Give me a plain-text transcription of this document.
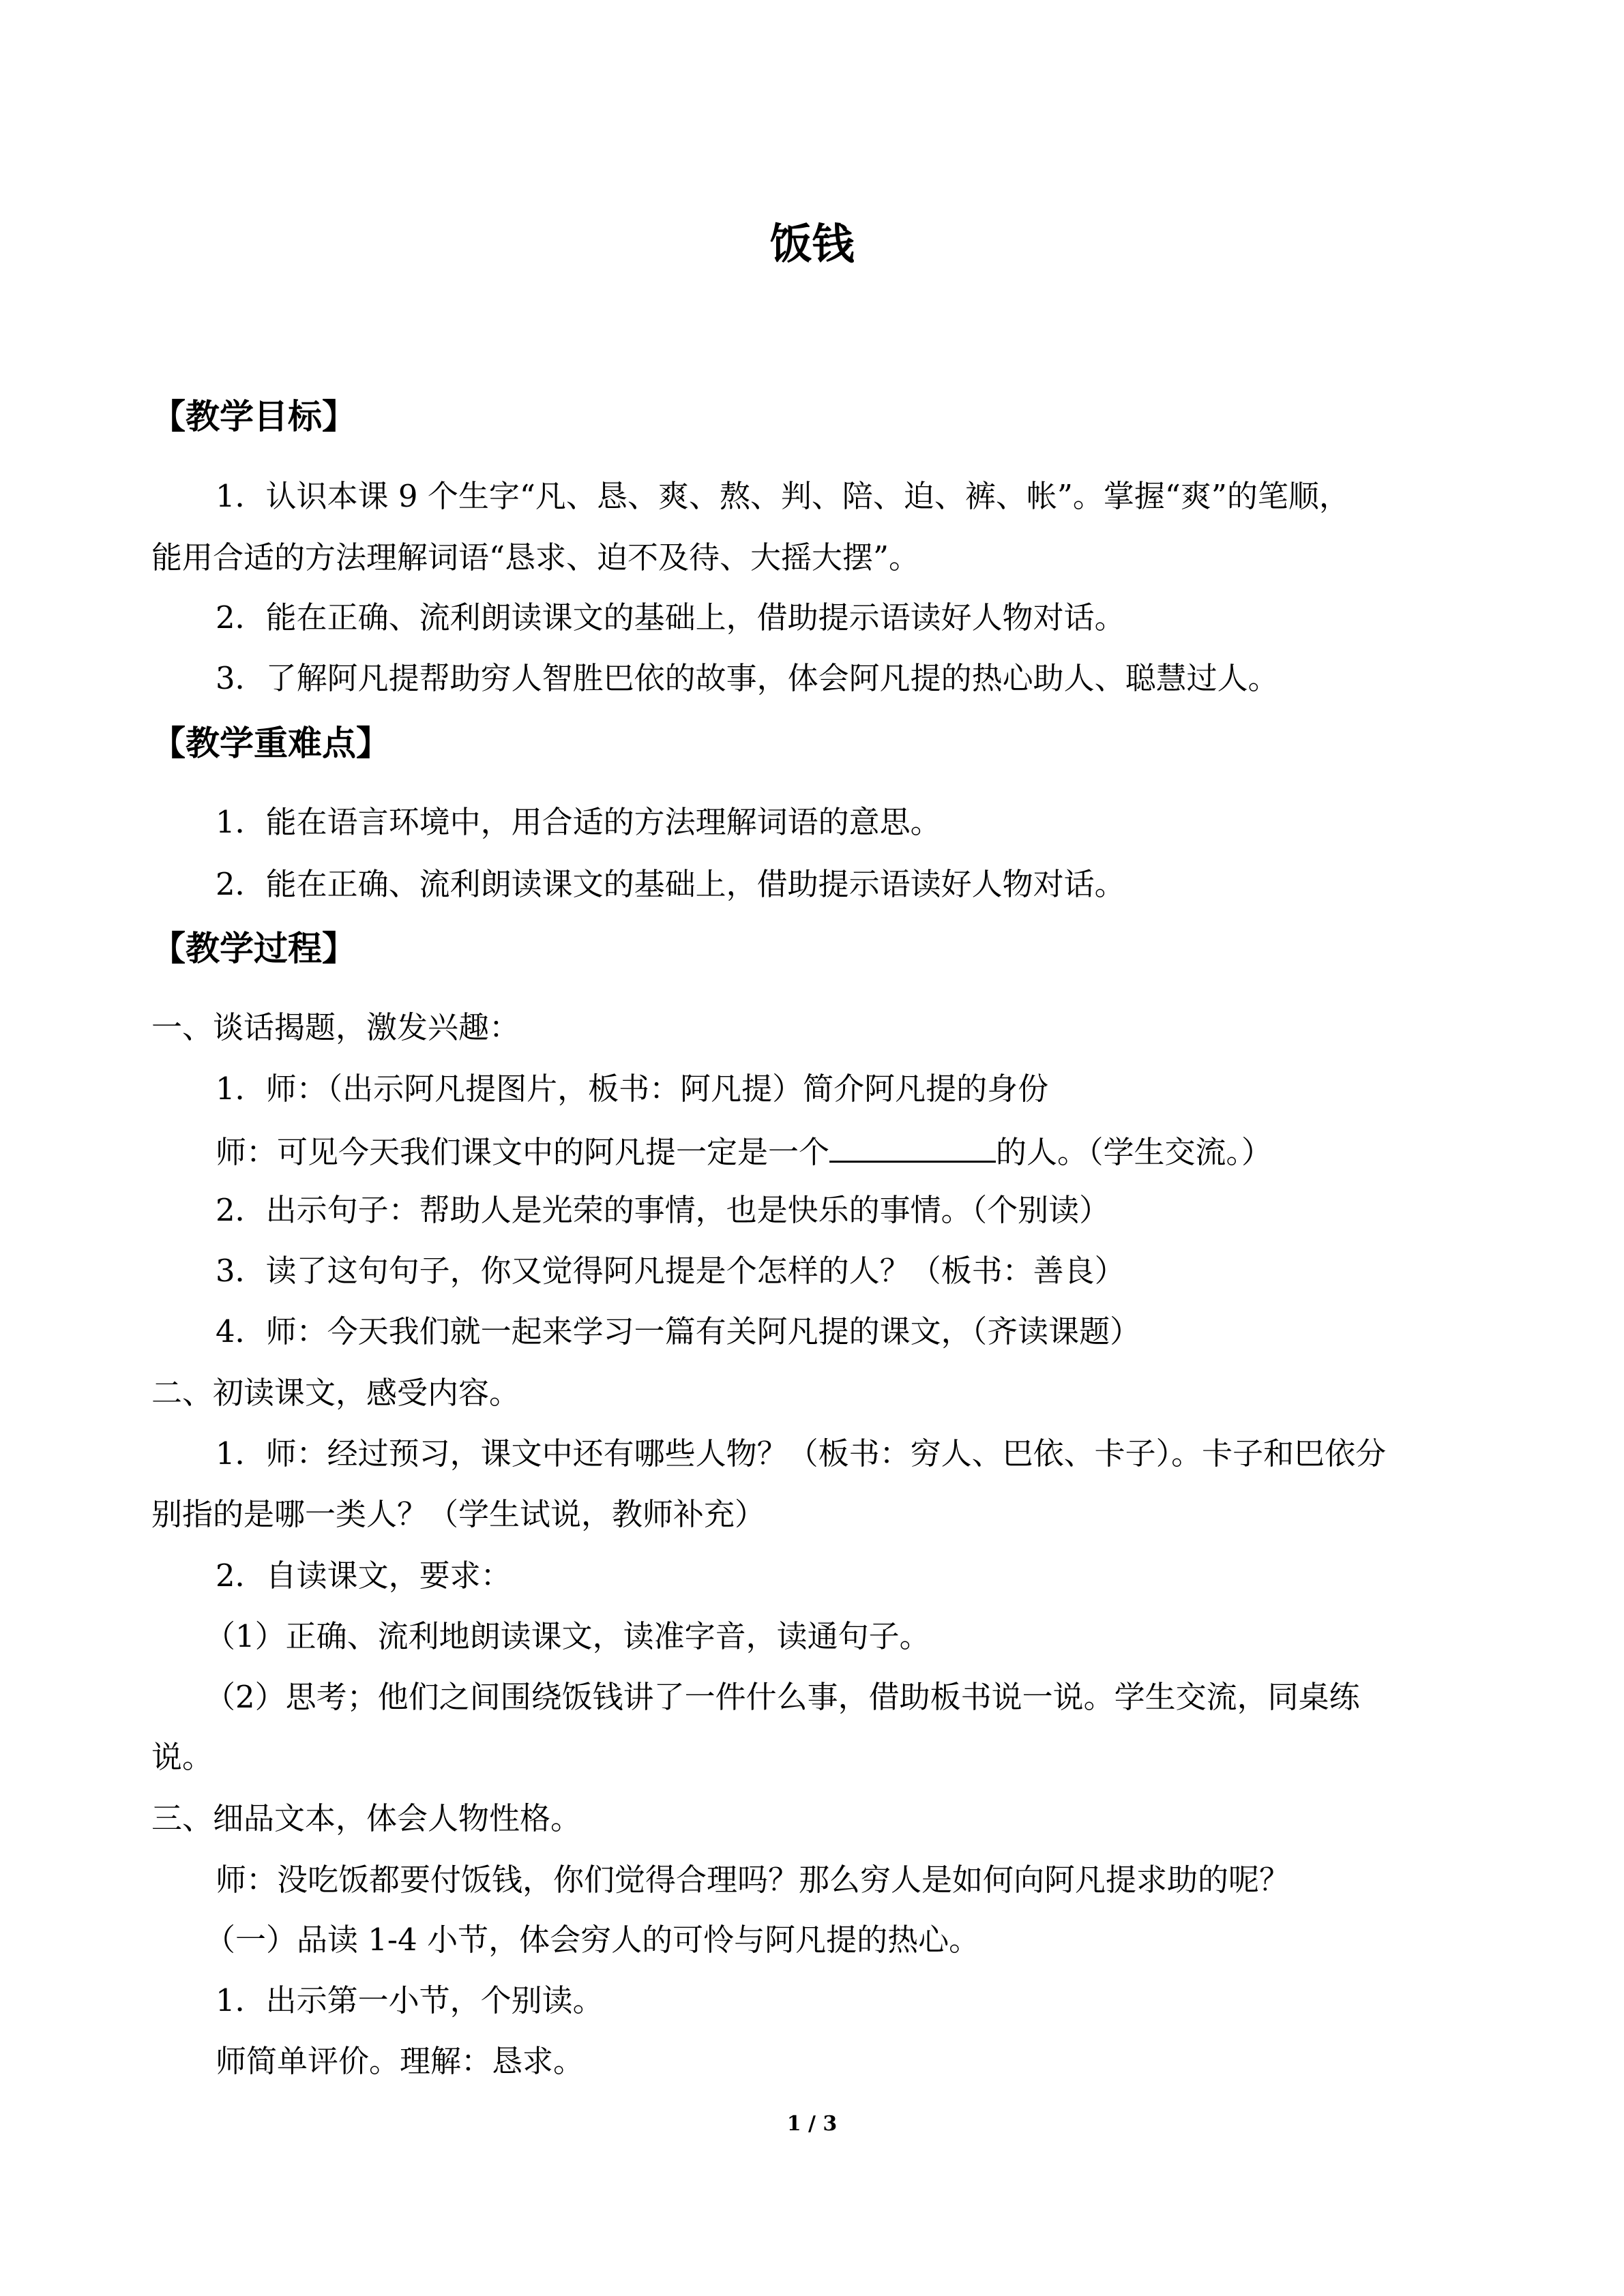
饭钱
【教学目标】
1．认识本课 9 个生字“凡、恳、爽、熬、判、陪、迫、裤、帐”。掌握“爽”的笔顺，
能用合适的方法理解词语“恳求、迫不及待、大摇大摆”。
2．能在正确、流利朗读课文的基础上，借助提示语读好人物对话。
3．了解阿凡提帮助穷人智胜巴依的故事，体会阿凡提的热心助人、聪慧过人。
【教学重难点】
1．能在语言环境中，用合适的方法理解词语的意思。
2．能在正确、流利朗读课文的基础上，借助提示语读好人物对话。
【教学过程】
一、谈话揭题，激发兴趣：
1．师：（出示阿凡提图片，板书：阿凡提）简介阿凡提的身份
师：可见今天我们课文中的阿凡提一定是一个	的人。（学生交流。）
2．出示句子：帮助人是光荣的事情，也是快乐的事情。（个别读）
3．读了这句句子，你又觉得阿凡提是个怎样的人？（板书：善良）
4．师：今天我们就一起来学习一篇有关阿凡提的课文，（齐读课题）
二、初读课文，感受内容。
1．师：经过预习，课文中还有哪些人物？（板书：穷人、巴依、卡子）。卡子和巴依分
别指的是哪一类人？（学生试说，教师补充）
2．自读课文，要求：
（1）正确、流利地朗读课文，读准字音，读通句子。
（2）思考；他们之间围绕饭钱讲了一件什么事，借助板书说一说。学生交流，同桌练
说。
三、细品文本，体会人物性格。
师：没吃饭都要付饭钱，你们觉得合理吗？那么穷人是如何向阿凡提求助的呢？
（一）品读 1-4 小节，体会穷人的可怜与阿凡提的热心。
1．出示第一小节，个别读。
师简单评价。理解：恳求。
1 / 3
